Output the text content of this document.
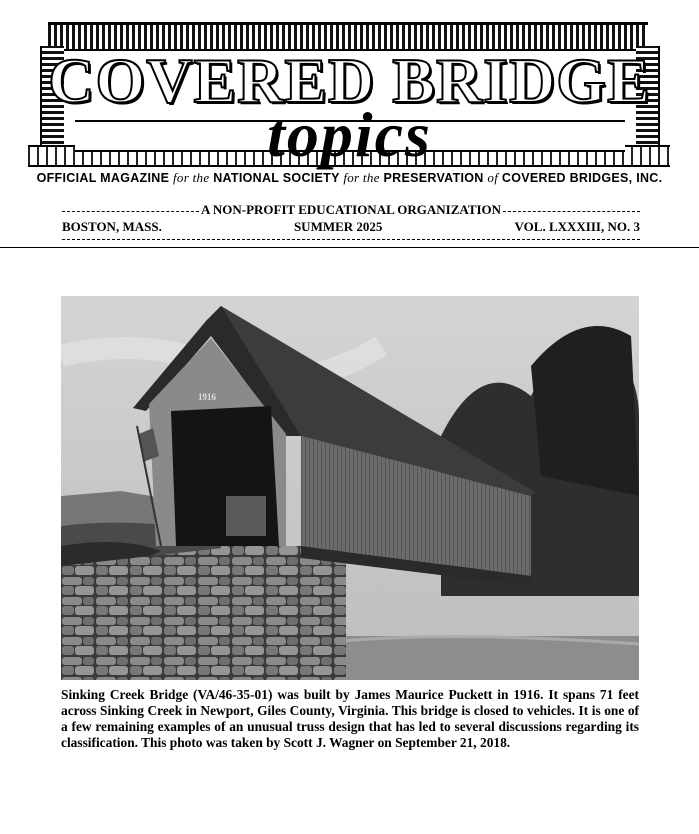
COVERED BRIDGE
topics
OFFICIAL MAGAZINE for the NATIONAL SOCIETY for the PRESERVATION of COVERED BRIDGES, INC.
A NON-PROFIT EDUCATIONAL ORGANIZATION
BOSTON, MASS.	SUMMER 2025	VOL. LXXXIII, NO. 3
1916
Sinking Creek Bridge (VA/46-35-01) was built by James Maurice Puckett in 1916. It spans 71 feet across Sinking Creek in Newport, Giles County, Virginia. This bridge is closed to vehicles. It is one of a few remaining examples of an unusual truss design that has led to several discussions regarding its classification. This photo was taken by Scott J. Wagner on September 21, 2018.
